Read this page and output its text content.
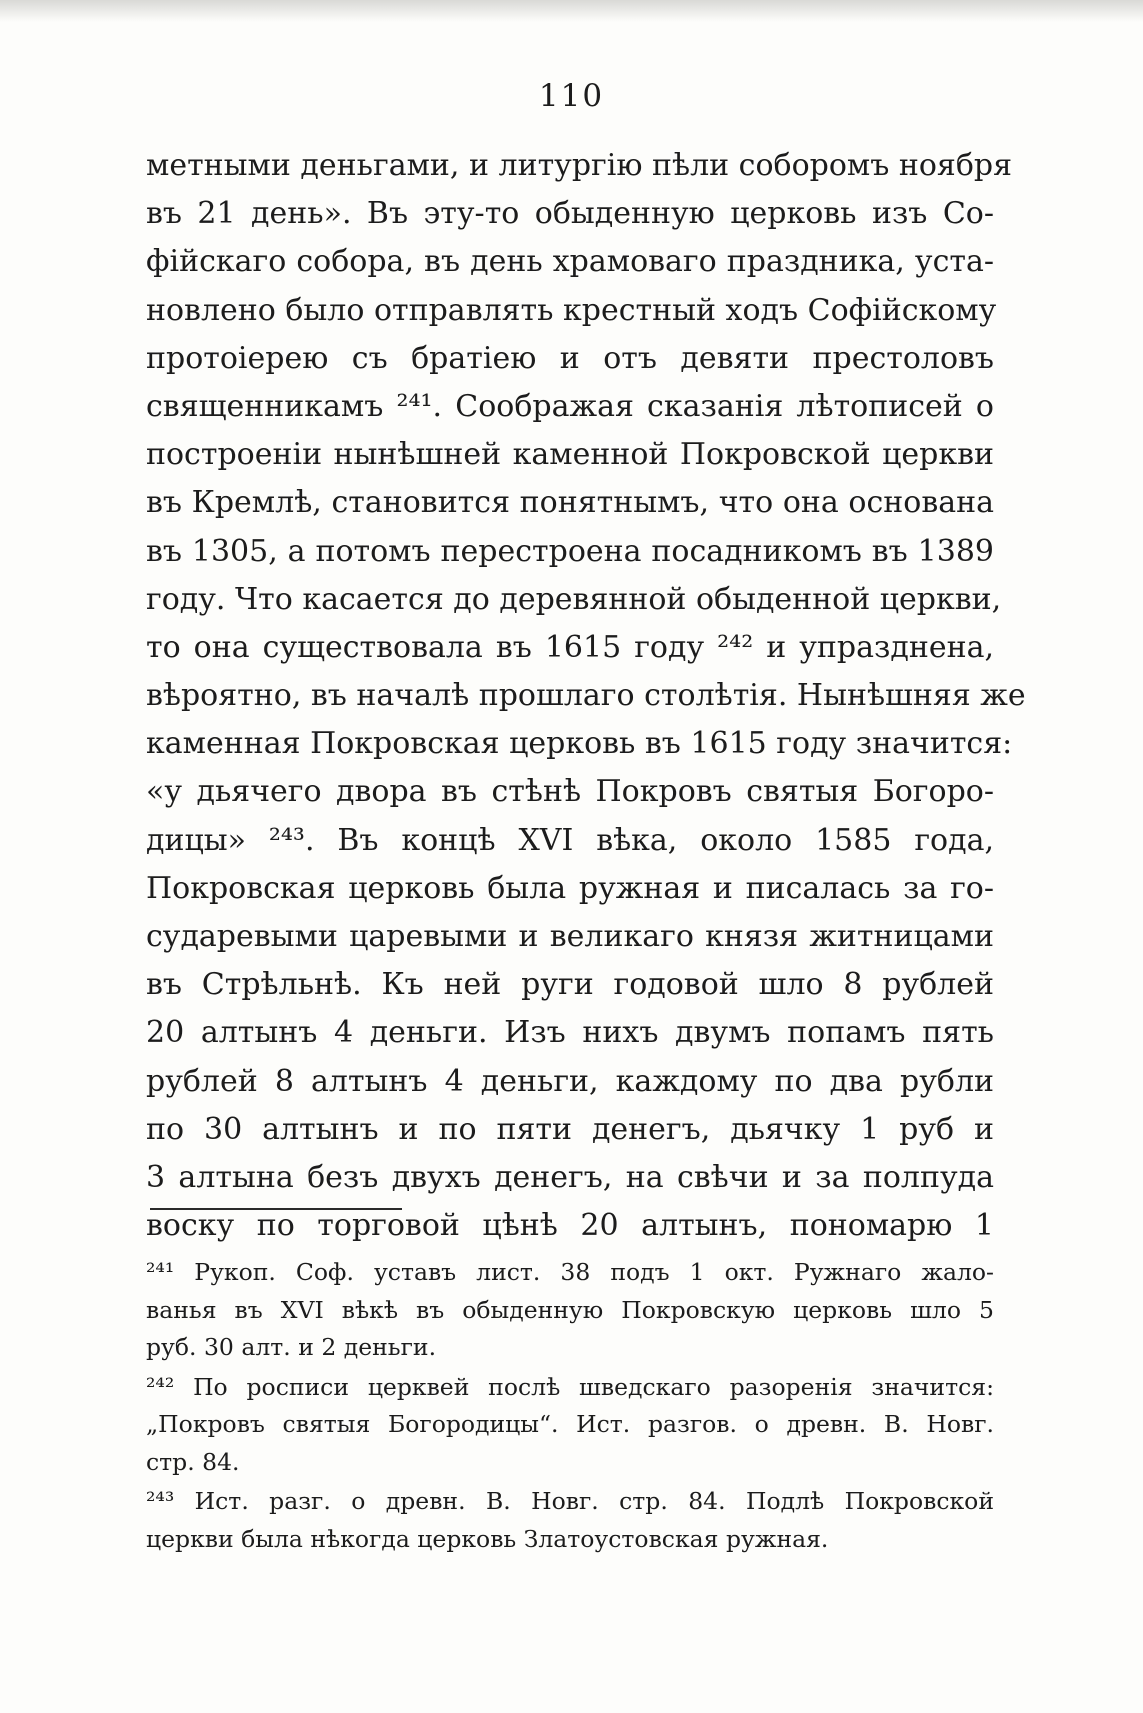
110
метными деньгами, и литургію пѣли соборомъ ноября
въ 21 день». Въ эту-то обыденную церковь изъ Со-
фійскаго собора, въ день храмоваго праздника, уста-
новлено было отправлять крестный ходъ Софійскому
протоіерею съ братіею и отъ девяти престоловъ
священникамъ ²⁴¹. Соображая сказанія лѣтописей о
построеніи нынѣшней каменной Покровской церкви
въ Кремлѣ, становится понятнымъ, что она основана
въ 1305, а потомъ перестроена посадникомъ въ 1389
году. Что касается до деревянной обыденной церкви,
то она существовала въ 1615 году ²⁴² и упразднена,
вѣроятно, въ началѣ прошлаго столѣтія. Нынѣшняя же
каменная Покровская церковь въ 1615 году значится:
«у дьячего двора въ стѣнѣ Покровъ святыя Богоро-
дицы» ²⁴³. Въ концѣ XVI вѣка, около 1585 года,
Покровская церковь была ружная и писалась за го-
сударевыми царевыми и великаго князя житницами
въ Стрѣльнѣ. Къ ней руги годовой шло 8 рублей
20 алтынъ 4 деньги. Изъ нихъ двумъ попамъ пять
рублей 8 алтынъ 4 деньги, каждому по два рубли
по 30 алтынъ и по пяти денегъ, дьячку 1 руб и
3 алтына безъ двухъ денегъ, на свѣчи и за полпуда
воску по торговой цѣнѣ 20 алтынъ, пономарю 1
²⁴¹ Рукоп. Соф. уставъ лист. 38 подъ 1 окт. Ружнаго жало-
ванья въ XVI вѣкѣ въ обыденную Покровскую церковь шло 5
руб. 30 алт. и 2 деньги.
²⁴² По росписи церквей послѣ шведскаго разоренія значится:
„Покровъ святыя Богородицы“. Ист. разгов. о древн. В. Новг.
стр. 84.
²⁴³ Ист. разг. о древн. В. Новг. стр. 84. Подлѣ Покровской
церкви была нѣкогда церковь Златоустовская ружная.
